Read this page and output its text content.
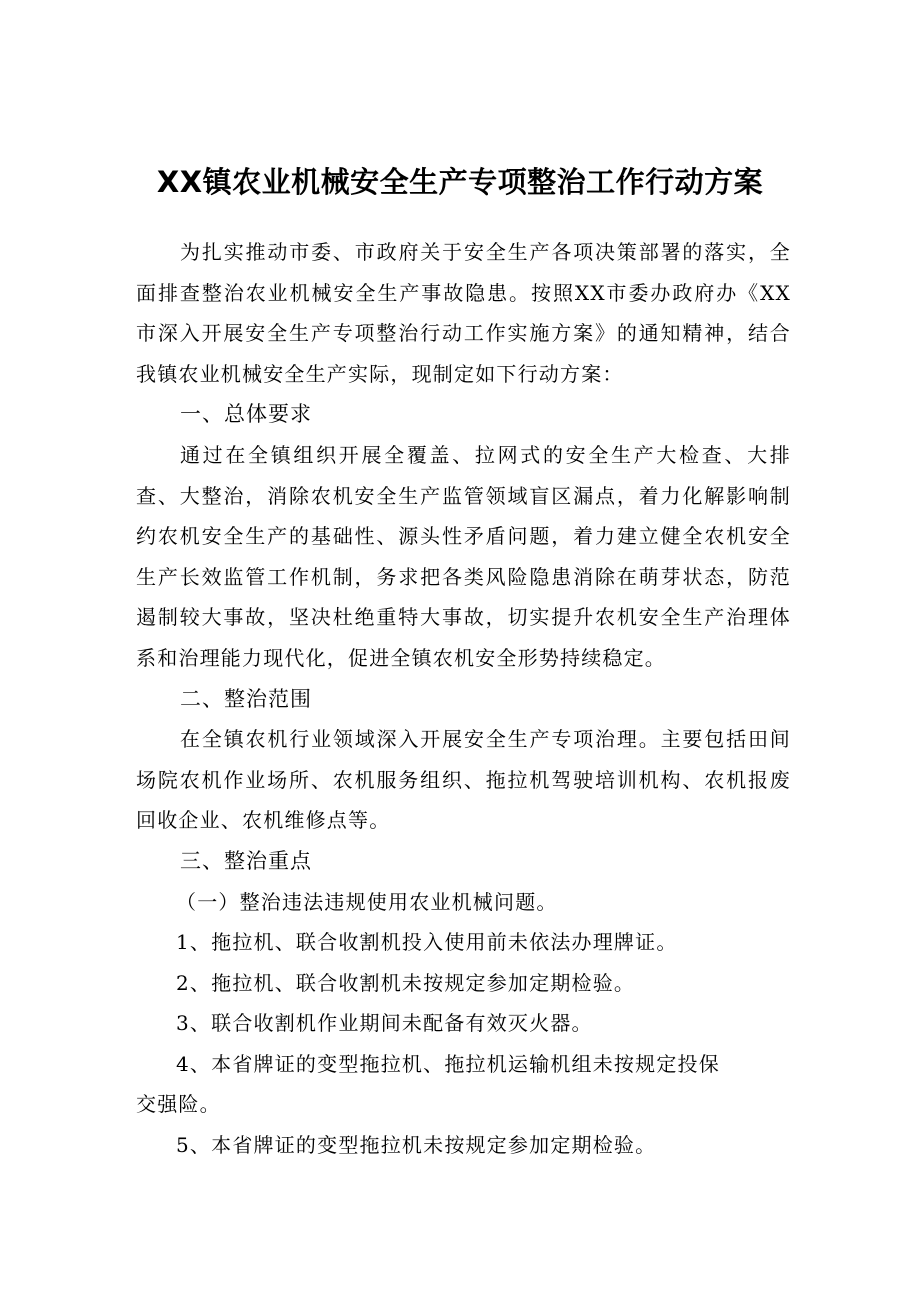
XX镇农业机械安全生产专项整治工作行动方案

为扎实推动市委、市政府关于安全生产各项决策部署的落实，全面排查整治农业机械安全生产事故隐患。按照XX市委办政府办《XX市深入开展安全生产专项整治行动工作实施方案》的通知精神，结合我镇农业机械安全生产实际，现制定如下行动方案：

一、总体要求

通过在全镇组织开展全覆盖、拉网式的安全生产大检查、大排查、大整治，消除农机安全生产监管领域盲区漏点，着力化解影响制约农机安全生产的基础性、源头性矛盾问题，着力建立健全农机安全生产长效监管工作机制，务求把各类风险隐患消除在萌芽状态，防范遏制较大事故，坚决杜绝重特大事故，切实提升农机安全生产治理体系和治理能力现代化，促进全镇农机安全形势持续稳定。

二、整治范围

在全镇农机行业领域深入开展安全生产专项治理。主要包括田间场院农机作业场所、农机服务组织、拖拉机驾驶培训机构、农机报废回收企业、农机维修点等。

三、整治重点

（一）整治违法违规使用农业机械问题。

1、拖拉机、联合收割机投入使用前未依法办理牌证。

2、拖拉机、联合收割机未按规定参加定期检验。

3、联合收割机作业期间未配备有效灭火器。

4、本省牌证的变型拖拉机、拖拉机运输机组未按规定投保交强险。

5、本省牌证的变型拖拉机未按规定参加定期检验。
